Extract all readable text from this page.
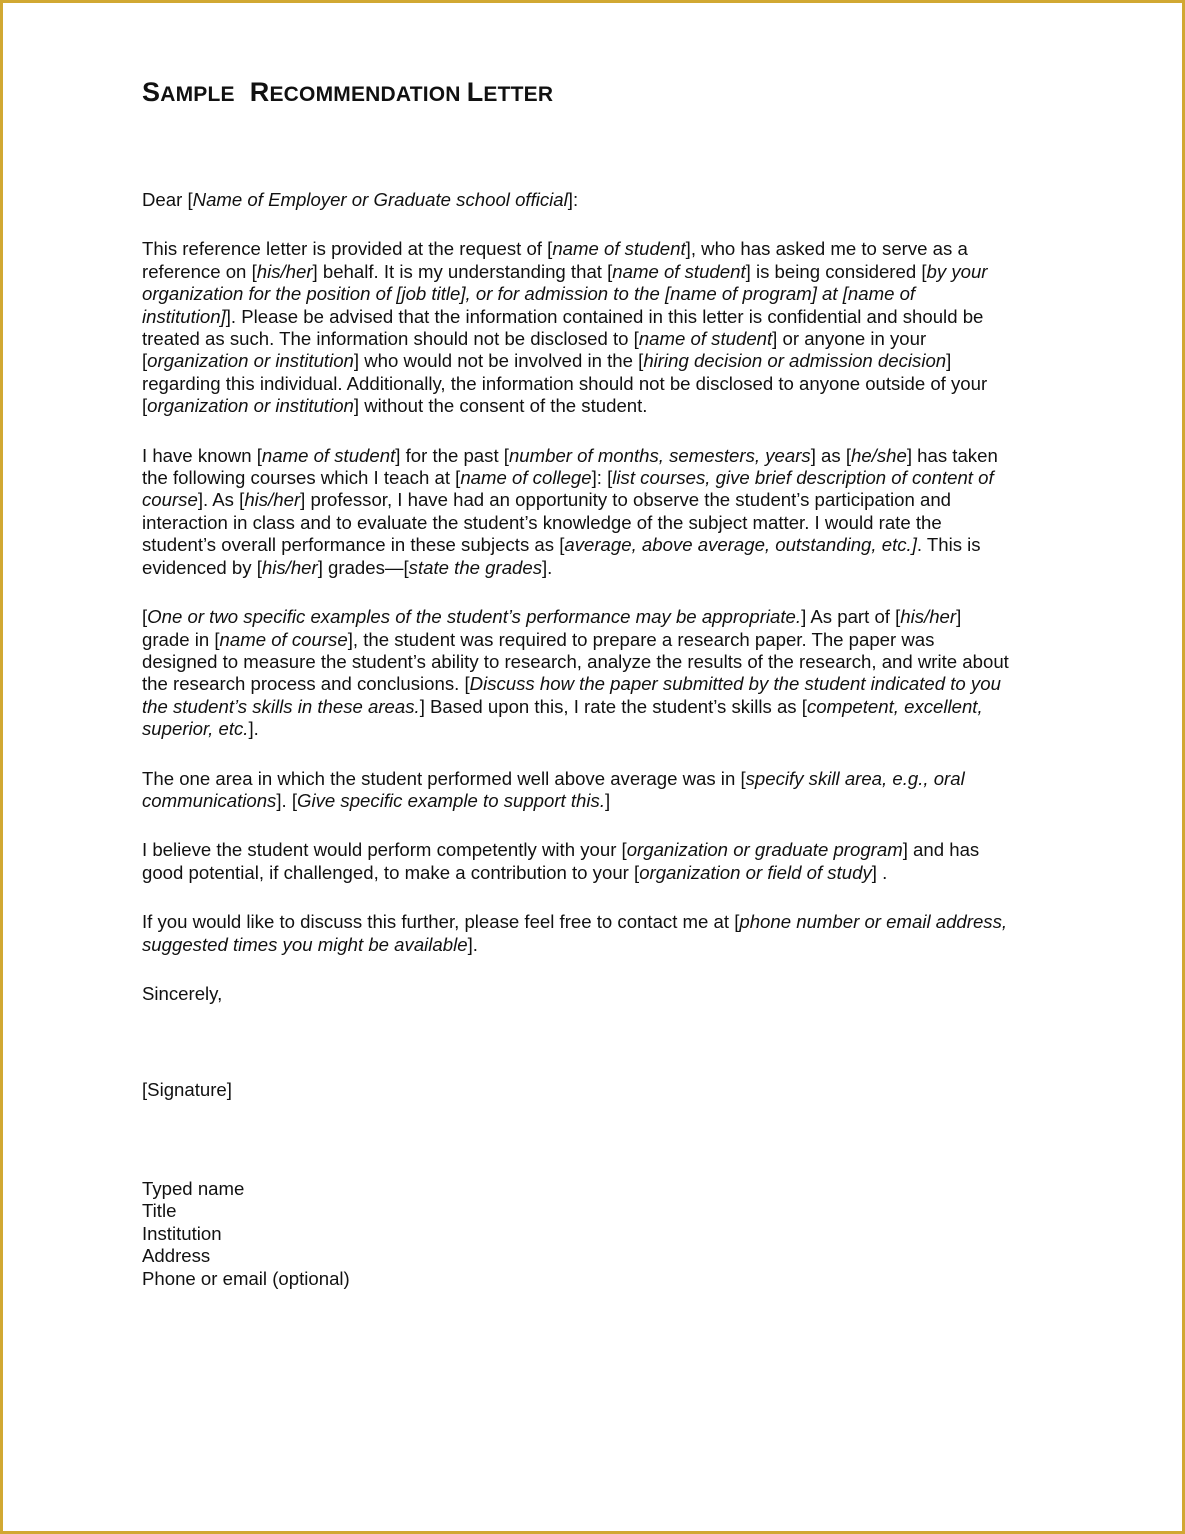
SAMPLE RECOMMENDATION LETTER

Dear [Name of Employer or Graduate school official]:

This reference letter is provided at the request of [name of student], who has asked me to serve as a
reference on [his/her] behalf. It is my understanding that [name of student] is being considered [by your
organization for the position of [job title], or for admission to the [name of program] at [name of
institution]]. Please be advised that the information contained in this letter is confidential and should be
treated as such. The information should not be disclosed to [name of student] or anyone in your
[organization or institution] who would not be involved in the [hiring decision or admission decision]
regarding this individual. Additionally, the information should not be disclosed to anyone outside of your
[organization or institution] without the consent of the student.

I have known [name of student] for the past [number of months, semesters, years] as [he/she] has taken
the following courses which I teach at [name of college]: [list courses, give brief description of content of
course]. As [his/her] professor, I have had an opportunity to observe the student’s participation and
interaction in class and to evaluate the student’s knowledge of the subject matter. I would rate the
student’s overall performance in these subjects as [average, above average, outstanding, etc.]. This is
evidenced by [his/her] grades—[state the grades].

[One or two specific examples of the student’s performance may be appropriate.] As part of [his/her]
grade in [name of course], the student was required to prepare a research paper. The paper was
designed to measure the student’s ability to research, analyze the results of the research, and write about
the research process and conclusions. [Discuss how the paper submitted by the student indicated to you
the student’s skills in these areas.] Based upon this, I rate the student’s skills as [competent, excellent,
superior, etc.].

The one area in which the student performed well above average was in [specify skill area, e.g., oral
communications]. [Give specific example to support this.]

I believe the student would perform competently with your [organization or graduate program] and has
good potential, if challenged, to make a contribution to your [organization or field of study] .

If you would like to discuss this further, please feel free to contact me at [phone number or email address,
suggested times you might be available].

Sincerely,

[Signature]
Typed name
Title
Institution
Address
Phone or email (optional)
